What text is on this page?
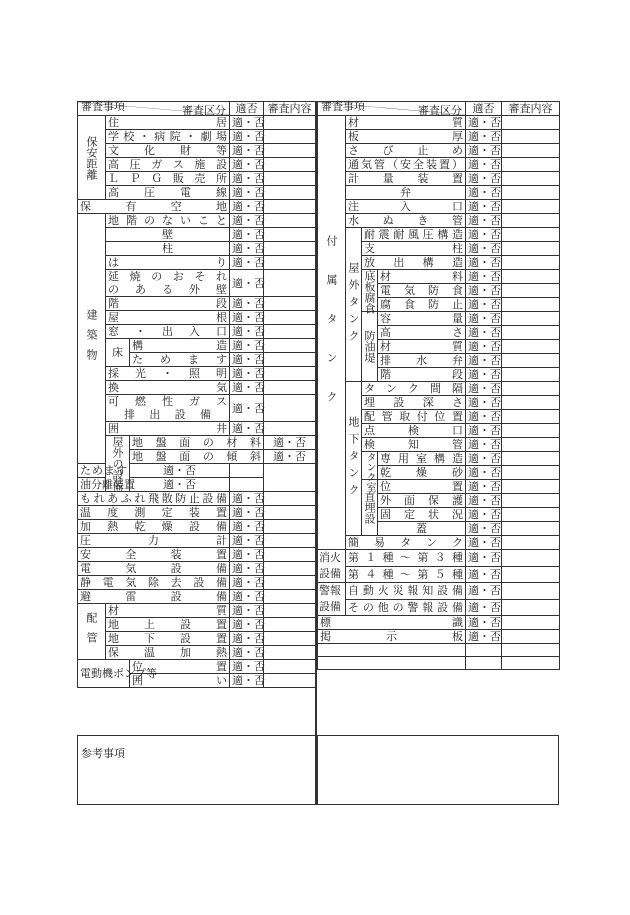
審査区分
審査事項			適否	審査内容	
保安距離	住居		適・否		
	学校・病院・劇場		適・否		
	文化財等		適・否		
	高圧ガス施設		適・否		
	ＬＰＧ販売所		適・否		
	高圧電線		適・否		
保有空地			適・否		
建築物	地階のないこと		適・否		
	壁		適・否		
	柱		適・否		
	はり		適・否		

	延焼のおそれ
のある外壁		適・否		
	階段		適・否		
	屋根		適・否		
	窓・出入口		適・否		
	床	構造	適・否		
		ためます	適・否		
	採光・照明		適・否		
	換気		適・否		

	可燃性ガス
排出設備		適・否		
	囲井		適・否		
	屋外の設備	地盤面の材料		適・否	
		地盤面の傾斜		適・否	
ためます		適・否			
油分離装置		適・否			
もれあふれ飛散防止設備			適・否		
温度測定装置			適・否		
加熱乾燥設備			適・否		
圧力計			適・否		
安全装置			適・否		
電気設備			適・否		
静電気除去設備			適・否		
避雷設備			適・否		
配管	材質		適・否		
	地上設置		適・否		
	地下設置		適・否		
	保温加熱		適・否		
電動機ポンプ等		位置	適・否		
		囲い	適・否		
審査区分
審査事項				適否	審査内容
付属タンク	材質			適・否	
	板厚			適・否	
	さび止め			適・否	
	通気管（安全装置）			適・否	
	計量装置			適・否	
	弁			適・否	
	注入口			適・否	
	水ぬき管			適・否	
	屋外タンク	耐震耐風圧構造		適・否	
		支柱		適・否	
		放出構造		適・否	
		底板腐食	材料	適・否	
			電気防食	適・否	
			腐食防止	適・否	
		防油堤	容量	適・否	
			高さ	適・否	
			材質	適・否	
			排水弁	適・否	
			階段	適・否	
	地下タンク	タンク間隔		適・否	
		埋設深さ		適・否	
		配管取付位置		適・否	
		点検口		適・否	
		検知管		適・否	
		タンク室	専用室構造	適・否	
			乾燥砂	適・否	
		直埋設	位置	適・否	
			外面保護	適・否	
			固定状況	適・否	
			蓋	適・否	
	簡易タンク			適・否	
消火設備	第１種〜第３種			適・否	
	第４種〜第５種			適・否	
警報設備	自動火災報知設備			適・否	
	その他の警報設備			適・否	
標識				適・否	
掲示板				適・否	

参考事項
